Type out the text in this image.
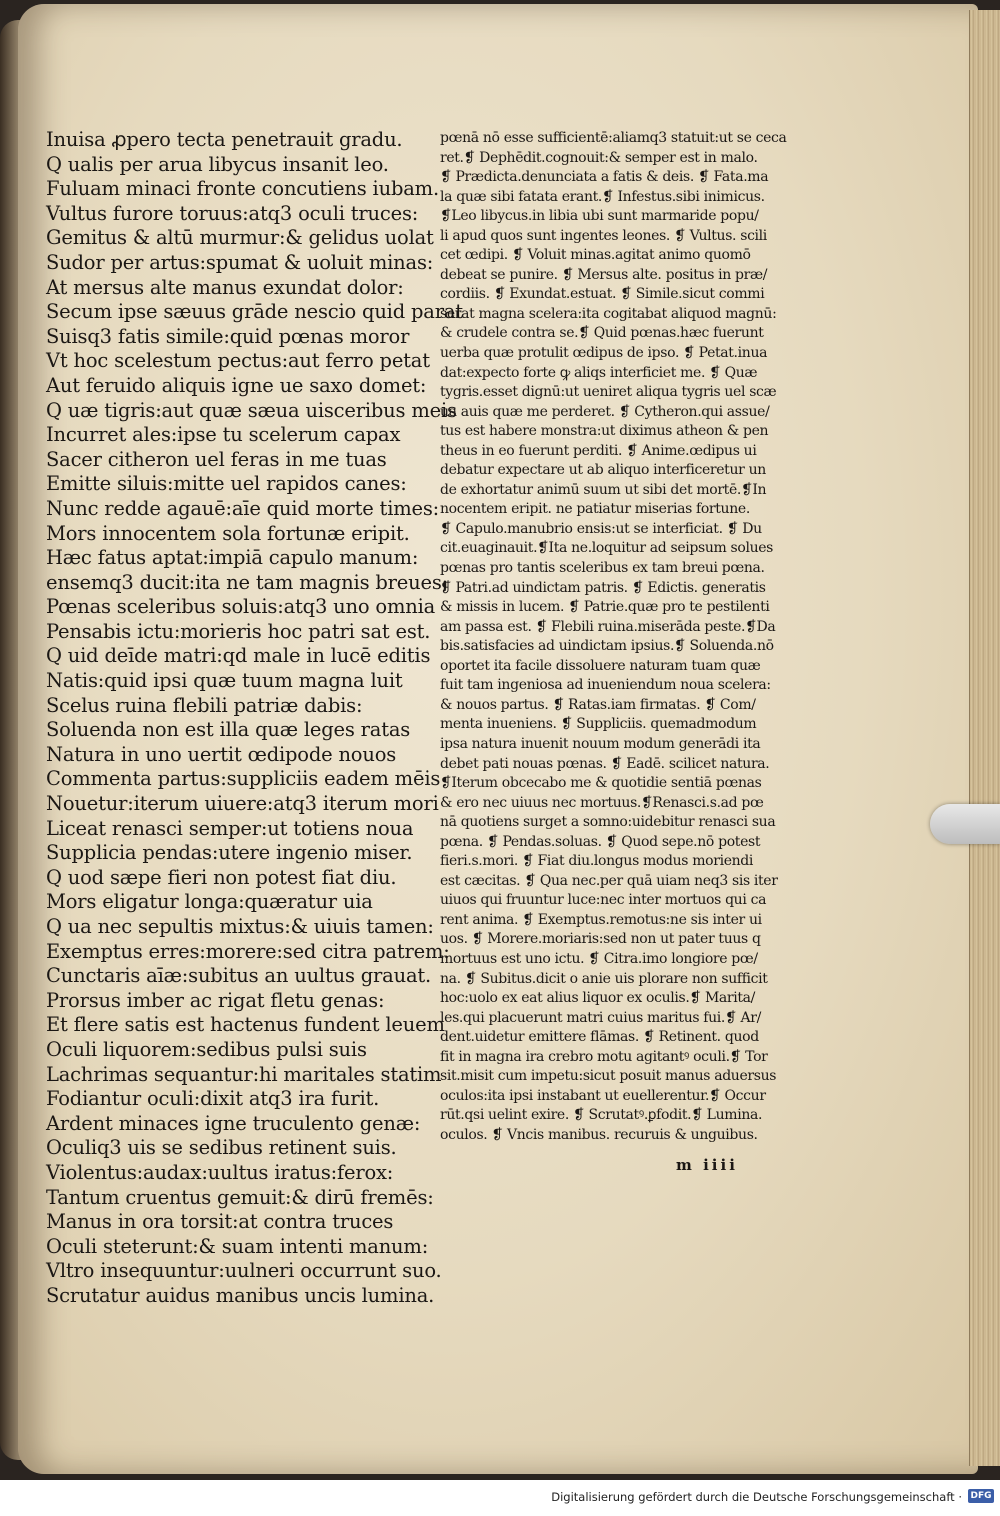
Inuisa ꝓpero tecta penetrauit gradu.
Q ualis per arua libycus insanit leo.
Fuluam minaci fronte concutiens iubam.
Vultus furore toruus:atq3 oculi truces:
Gemitus & altū murmur:& gelidus uolat
Sudor per artus:spumat & uoluit minas:
At mersus alte manus exundat dolor:
Secum ipse sæuus grāde nescio quid parat
Suisq3 fatis simile:quid pœnas moror
Vt hoc scelestum pectus:aut ferro petat
Aut feruido aliquis igne ue saxo domet:
Q uæ tigris:aut quæ sæua uisceribus meis
Incurret ales:ipse tu scelerum capax
Sacer citheron uel feras in me tuas
Emitte siluis:mitte uel rapidos canes:
Nunc redde agauē:aīe quid morte times:
Mors innocentem sola fortunæ eripit.
Hæc fatus aptat:impiā capulo manum:
ensemq3 ducit:ita ne tam magnis breues:
Pœnas sceleribus soluis:atq3 uno omnia
Pensabis ictu:morieris hoc patri sat est.
Q uid deīde matri:qd male in lucē editis
Natis:quid ipsi quæ tuum magna luit
Scelus ruina flebili patriæ dabis:
Soluenda non est illa quæ leges ratas
Natura in uno uertit œdipode nouos
Commenta partus:suppliciis eadem mēis
Nouetur:iterum uiuere:atq3 iterum mori
Liceat renasci semper:ut totiens noua
Supplicia pendas:utere ingenio miser.
Q uod sæpe fieri non potest fiat diu.
Mors eligatur longa:quæratur uia
Q ua nec sepultis mixtus:& uiuis tamen:
Exemptus erres:morere:sed citra patrem:
Cunctaris aīæ:subitus an uultus grauat.
Prorsus imber ac rigat fletu genas:
Et flere satis est hactenus fundent leuem
Oculi liquorem:sedibus pulsi suis
Lachrimas sequantur:hi maritales statim
Fodiantur oculi:dixit atq3 ira furit.
Ardent minaces igne truculento genæ:
Oculiq3 uis se sedibus retinent suis.
Violentus:audax:uultus iratus:ferox:
Tantum cruentus gemuit:& dirū fremēs:
Manus in ora torsit:at contra truces
Oculi steterunt:& suam intenti manum:
Vltro insequuntur:uulneri occurrunt suo.
Scrutatur auidus manibus uncis lumina.
pœnā nō esse sufficientē:aliamq3 statuit:ut se ceca
ret.❡ Dephēdit.cognouit:& semper est in malo.
❡ Prædicta.denunciata a fatis & deis. ❡ Fata.ma
la quæ sibi fatata erant.❡ Infestus.sibi inimicus.
❡Leo libycus.in libia ubi sunt marmaride popu/
li apud quos sunt ingentes leones. ❡ Vultus. scili
cet œdipi. ❡ Voluit minas.agitat animo quomō
debeat se punire. ❡ Mersus alte. positus in præ/
cordiis. ❡ Exundat.estuat. ❡ Simile.sicut commi
serat magna scelera:ita cogitabat aliquod magnū:
& crudele contra se.❡ Quid pœnas.hæc fuerunt
uerba quæ protulit œdipus de ipso. ❡ Petat.inua
dat:expecto forte ꝙ aliqs interficiet me. ❡ Quæ
tygris.esset dignū:ut ueniret aliqua tygris uel scæ
ua auis quæ me perderet. ❡ Cytheron.qui assue/
tus est habere monstra:ut diximus atheon & pen
theus in eo fuerunt perditi. ❡ Anime.œdipus ui
debatur expectare ut ab aliquo interficeretur un
de exhortatur animū suum ut sibi det mortē.❡In
nocentem eripit. ne patiatur miserias fortune.
❡ Capulo.manubrio ensis:ut se interficiat. ❡ Du
cit.euaginauit.❡Ita ne.loquitur ad seipsum solues
pœnas pro tantis sceleribus ex tam breui pœna.
❡ Patri.ad uindictam patris. ❡ Edictis. generatis
& missis in lucem. ❡ Patrie.quæ pro te pestilenti
am passa est. ❡ Flebili ruina.miserāda peste.❡Da
bis.satisfacies ad uindictam ipsius.❡ Soluenda.nō
oportet ita facile dissoluere naturam tuam quæ
fuit tam ingeniosa ad inueniendum noua scelera:
& nouos partus. ❡ Ratas.iam firmatas. ❡ Com/
menta inueniens. ❡ Suppliciis. quemadmodum
ipsa natura inuenit nouum modum generādi ita
debet pati nouas pœnas. ❡ Eadē. scilicet natura.
❡Iterum obcecabo me & quotidie sentiā pœnas
& ero nec uiuus nec mortuus.❡Renasci.s.ad pœ
nā quotiens surget a somno:uidebitur renasci sua
pœna. ❡ Pendas.soluas. ❡ Quod sepe.nō potest
fieri.s.mori. ❡ Fiat diu.longus modus moriendi
est cæcitas. ❡ Qua nec.per quā uiam neq3 sis iter
uiuos qui fruuntur luce:nec inter mortuos qui ca
rent anima. ❡ Exemptus.remotus:ne sis inter ui
uos. ❡ Morere.moriaris:sed non ut pater tuus q
mortuus est uno ictu. ❡ Citra.imo longiore pœ/
na. ❡ Subitus.dicit o anie uis plorare non sufficit
hoc:uolo ex eat alius liquor ex oculis.❡ Marita/
les.qui placuerunt matri cuius maritus fui.❡ Ar/
dent.uidetur emittere flāmas. ❡ Retinent. quod
fit in magna ira crebro motu agitantꝰ oculi.❡ Tor
sit.misit cum impetu:sicut posuit manus aduersus
oculos:ita ipsi instabant ut euellerentur.❡ Occur
rūt.qsi uelint exire. ❡ Scrutatꝰ.ꝑfodit.❡ Lumina.
oculos. ❡ Vncis manibus. recuruis & unguibus.
m iiii
Digitalisierung gefördert durch die Deutsche Forschungsgemeinschaft · DFG
